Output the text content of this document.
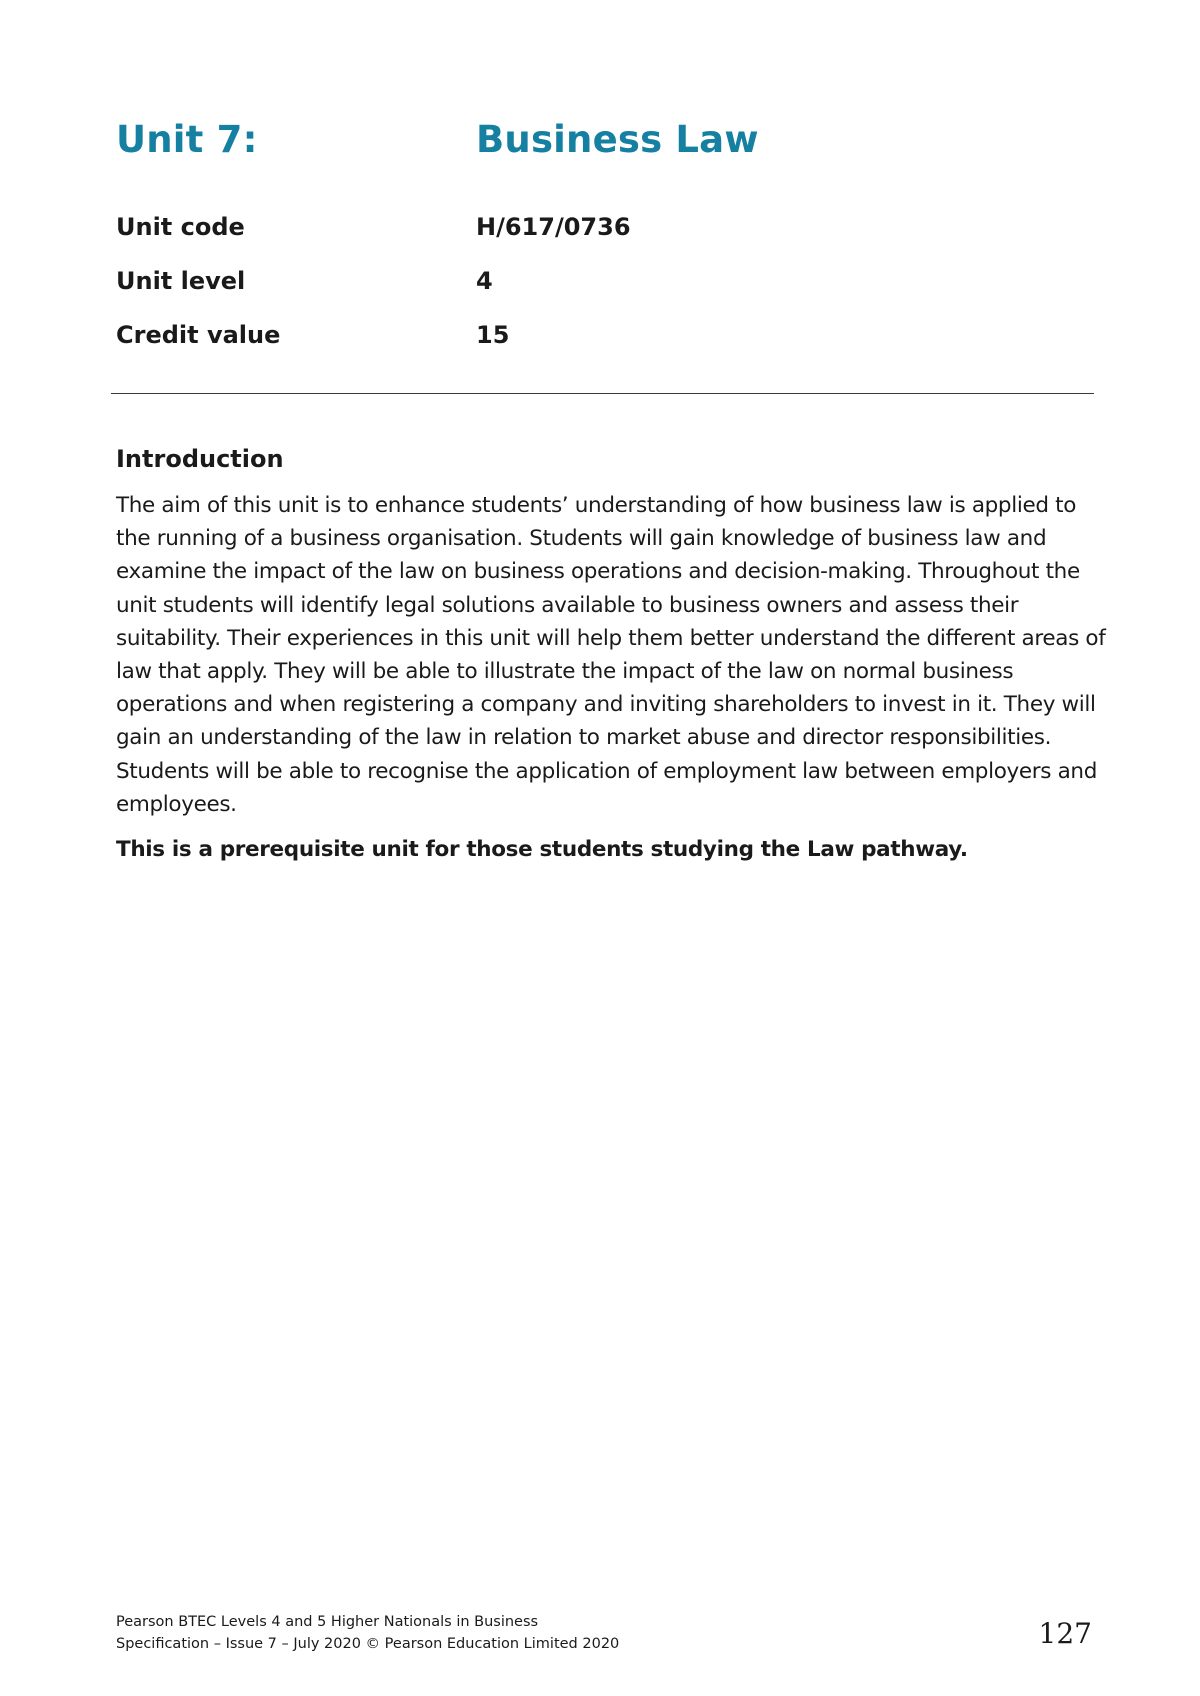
Unit 7:	Business Law
Unit code	H/617/0736
Unit level	4
Credit value	15
Introduction

The aim of this unit is to enhance students’ understanding of how business law is applied to the running of a business organisation. Students will gain knowledge of business law and examine the impact of the law on business operations and decision-making. Throughout the unit students will identify legal solutions available to business owners and assess their suitability. Their experiences in this unit will help them better understand the different areas of law that apply. They will be able to illustrate the impact of the law on normal business operations and when registering a company and inviting shareholders to invest in it. They will gain an understanding of the law in relation to market abuse and director responsibilities. Students will be able to recognise the application of employment law between employers and employees.

This is a prerequisite unit for those students studying the Law pathway.

Pearson BTEC Levels 4 and 5 Higher Nationals in Business
Specification – Issue 7 – July 2020 © Pearson Education Limited 2020	127
